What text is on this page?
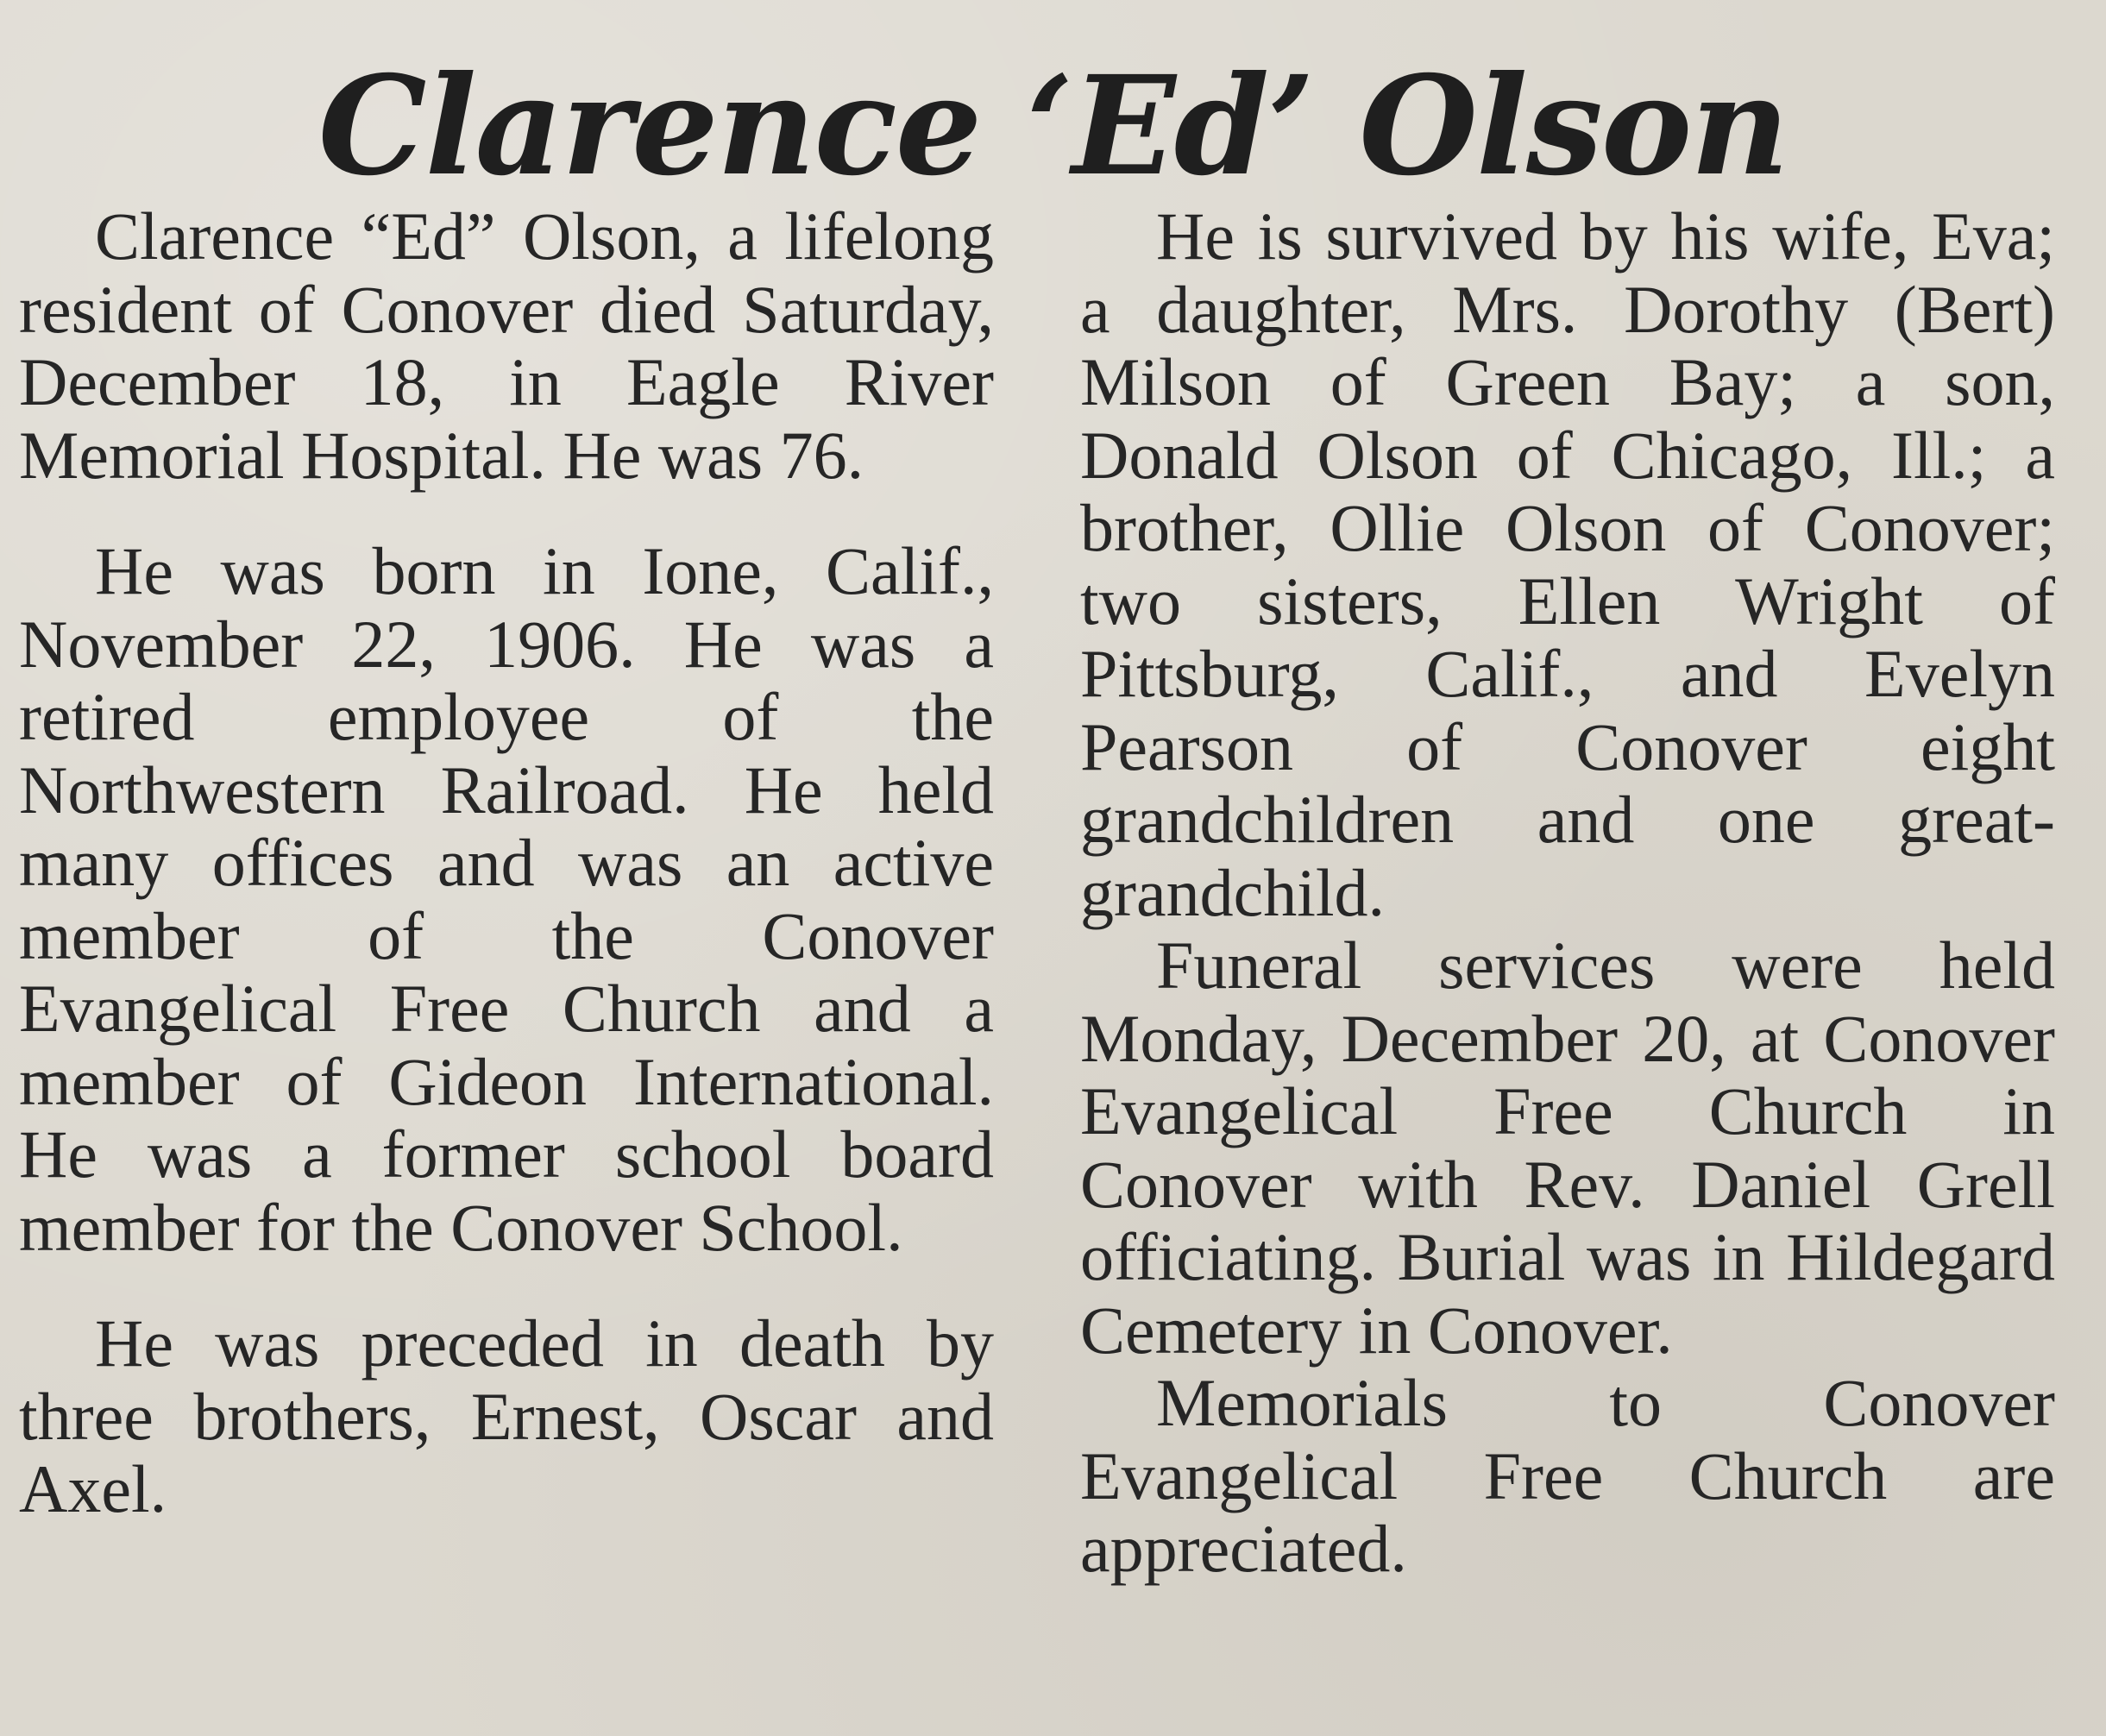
Clarence ‘Ed’ Olson

Clarence “Ed” Olson, a lifelong resident of Conover died Saturday, December 18, in Eagle River Memorial Hospital. He was 76.

He was born in Ione, Calif., November 22, 1906. He was a retired employee of the Northwestern Railroad. He held many offices and was an active member of the Conover Evangelical Free Church and a member of Gideon International. He was a former school board member for the Conover School.

He was preceded in death by three brothers, Ernest, Oscar and Axel.

He is survived by his wife, Eva; a daughter, Mrs. Dorothy (Bert) Milson of Green Bay; a son, Donald Olson of Chicago, Ill.; a brother, Ollie Olson of Conover; two sisters, Ellen Wright of Pittsburg, Calif., and Evelyn Pearson of Conover eight grandchildren and one great-grandchild.

Funeral services were held Monday, December 20, at Conover Evangelical Free Church in Conover with Rev. Daniel Grell officiating. Burial was in Hildegard Cemetery in Conover.

Memorials to Conover Evangelical Free Church are appreciated.
